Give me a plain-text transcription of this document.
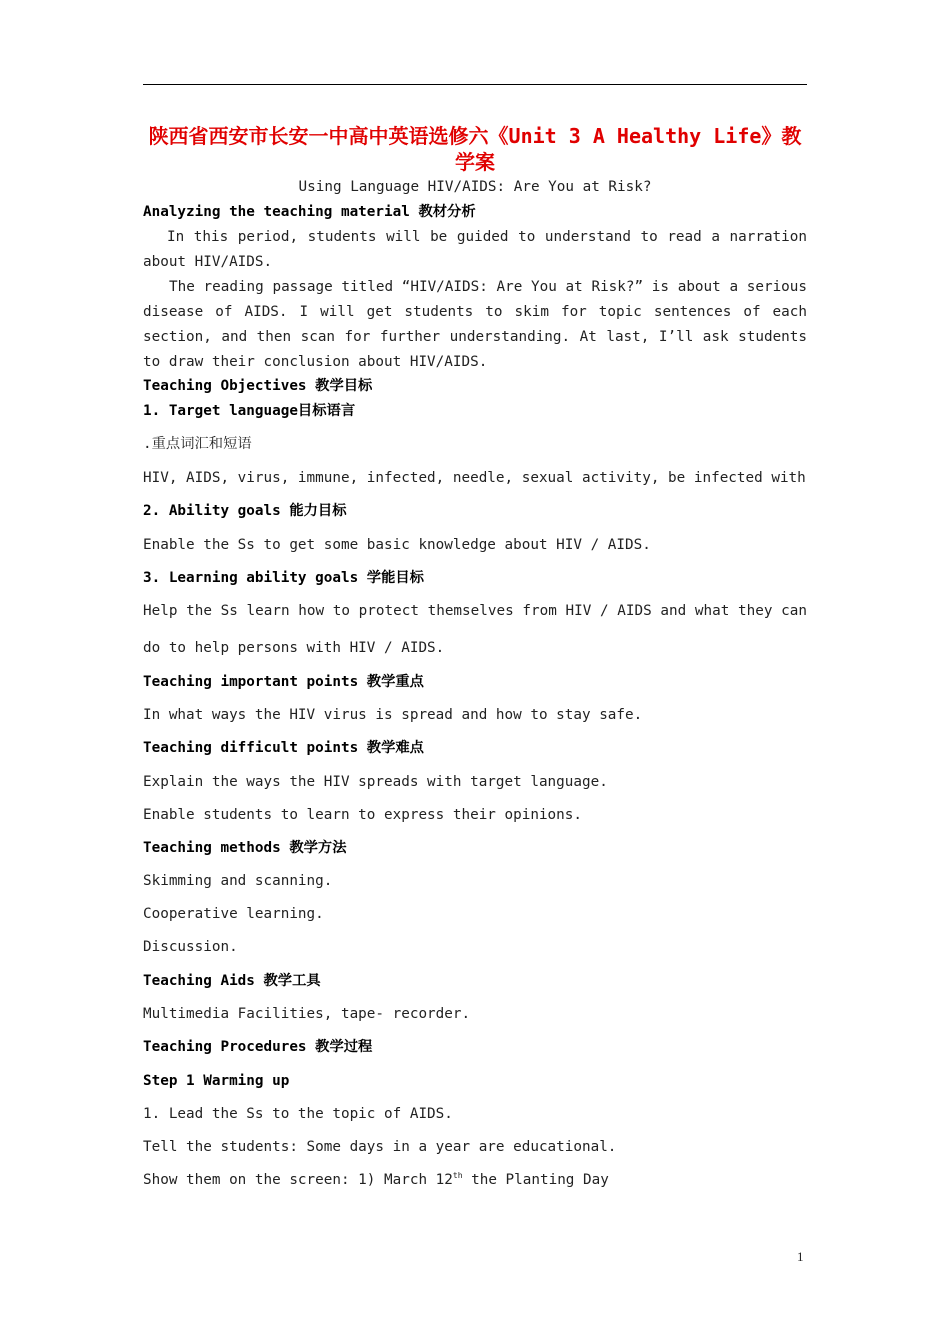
陕西省西安市长安一中高中英语选修六《Unit 3 A Healthy Life》教学案
Using Language HIV/AIDS: Are You at Risk?
Analyzing the teaching material 教材分析
In this period, students will be guided to understand to read a narration
about HIV/AIDS.
The reading passage titled “HIV/AIDS: Are You at Risk?” is about a serious
disease of AIDS. I will get students to skim for topic sentences of each
section, and then scan for further understanding. At last, I’ll ask students
to draw their conclusion about HIV/AIDS.
Teaching Objectives 教学目标
1. Target language目标语言
.重点词汇和短语
HIV, AIDS, virus, immune, infected, needle, sexual activity, be infected with
2. Ability goals 能力目标
Enable the Ss to get some basic knowledge about HIV / AIDS.
3. Learning ability goals 学能目标
Help the Ss learn how to protect themselves from HIV / AIDS and what they can
do to help persons with HIV / AIDS.
Teaching important points 教学重点
In what ways the HIV virus is spread and how to stay safe.
Teaching difficult points 教学难点
Explain the ways the HIV spreads with target language.
Enable students to learn to express their opinions.
Teaching methods 教学方法
Skimming and scanning.
Cooperative learning.
Discussion.
Teaching Aids 教学工具
Multimedia Facilities, tape- recorder.
Teaching Procedures 教学过程
Step 1 Warming up
1. Lead the Ss to the topic of AIDS.
Tell the students: Some days in a year are educational.
Show them on the screen: 1) March 12th the Planting Day
1
